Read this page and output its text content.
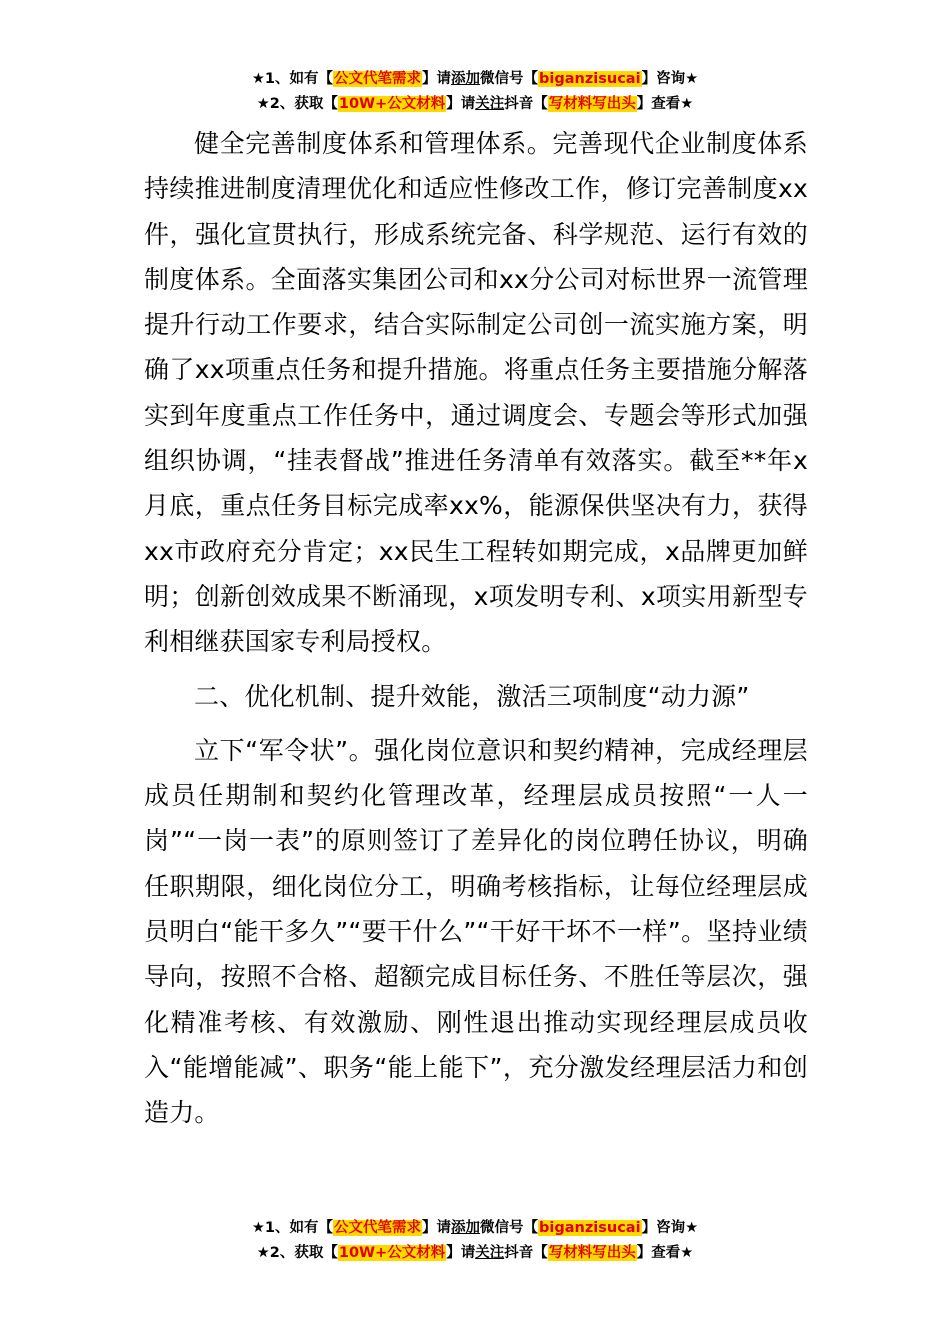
★1、如有【公文代笔需求】请添加微信号【biganzisucai】咨询★
★2、获取【10W+公文材料】请关注抖音【写材料写出头】查看★

健全完善制度体系和管理体系。完善现代企业制度体系持续推进制度清理优化和适应性修改工作，修订完善制度xx件，强化宣贯执行，形成系统完备、科学规范、运行有效的制度体系。全面落实集团公司和xx分公司对标世界一流管理提升行动工作要求，结合实际制定公司创一流实施方案，明确了xx项重点任务和提升措施。将重点任务主要措施分解落实到年度重点工作任务中，通过调度会、专题会等形式加强组织协调，“挂表督战”推进任务清单有效落实。截至**年x月底，重点任务目标完成率xx%，能源保供坚决有力，获得xx市政府充分肯定；xx民生工程转如期完成，x品牌更加鲜明；创新创效成果不断涌现，x项发明专利、x项实用新型专利相继获国家专利局授权。

二、优化机制、提升效能，激活三项制度“动力源”

立下“军令状”。强化岗位意识和契约精神，完成经理层成员任期制和契约化管理改革，经理层成员按照“一人一岗”“一岗一表”的原则签订了差异化的岗位聘任协议，明确任职期限，细化岗位分工，明确考核指标，让每位经理层成员明白“能干多久”“要干什么”“干好干坏不一样”。坚持业绩导向，按照不合格、超额完成目标任务、不胜任等层次，强化精准考核、有效激励、刚性退出推动实现经理层成员收入“能增能减”、职务“能上能下”，充分激发经理层活力和创造力。

★1、如有【公文代笔需求】请添加微信号【biganzisucai】咨询★
★2、获取【10W+公文材料】请关注抖音【写材料写出头】查看★
